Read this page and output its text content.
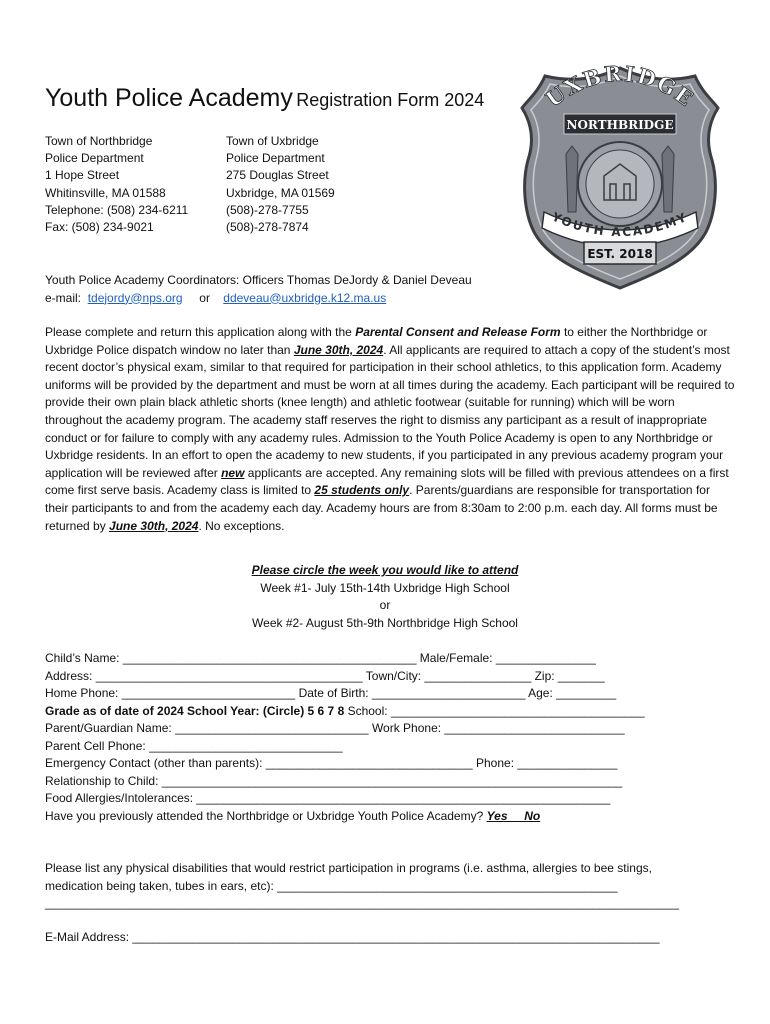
Youth Police Academy Registration Form 2024
Town of Northbridge
Police Department
1 Hope Street
Whitinsville, MA 01588
Telephone: (508) 234-6211
Fax: (508) 234-9021
Town of Uxbridge
Police Department
275 Douglas Street
Uxbridge, MA 01569
(508)-278-7755
(508)-278-7874
UXBRIDGE
NORTHBRIDGE
YOUTH ACADEMY
EST. 2018
Youth Police Academy Coordinators: Officers Thomas DeJordy & Daniel Deveau
e-mail: tdejordy@nps.org or ddeveau@uxbridge.k12.ma.us
Please complete and return this application along with the Parental Consent and Release Form to either the Northbridge or Uxbridge Police dispatch window no later than June 30th, 2024. All applicants are required to attach a copy of the student’s most recent doctor’s physical exam, similar to that required for participation in their school athletics, to this application form. Academy uniforms will be provided by the department and must be worn at all times during the academy. Each participant will be required to provide their own plain black athletic shorts (knee length) and athletic footwear (suitable for running) which will be worn throughout the academy program. The academy staff reserves the right to dismiss any participant as a result of inappropriate conduct or for failure to comply with any academy rules. Admission to the Youth Police Academy is open to any Northbridge or Uxbridge residents. In an effort to open the academy to new students, if you participated in any previous academy program your application will be reviewed after new applicants are accepted. Any remaining slots will be filled with previous attendees on a first come first serve basis. Academy class is limited to 25 students only. Parents/guardians are responsible for transportation for their participants to and from the academy each day. Academy hours are from 8:30am to 2:00 p.m. each day. All forms must be returned by June 30th, 2024. No exceptions.
Please circle the week you would like to attend
Week #1- July 15th-14th Uxbridge High School
or
Week #2- August 5th-9th Northbridge High School
Child’s Name: ____________________________________________ Male/Female: _______________
Address: ________________________________________ Town/City: ________________ Zip: _______
Home Phone: __________________________ Date of Birth: _______________________ Age: _________
Grade as of date of 2024 School Year: (Circle) 5 6 7 8 School: ______________________________________
Parent/Guardian Name: _____________________________ Work Phone: ___________________________
Parent Cell Phone: _____________________________
Emergency Contact (other than parents): _______________________________ Phone: _______________
Relationship to Child: _____________________________________________________________________
Food Allergies/Intolerances: ______________________________________________________________
Have you previously attended the Northbridge or Uxbridge Youth Police Academy? Yes No
Please list any physical disabilities that would restrict participation in programs (i.e. asthma, allergies to bee stings,
medication being taken, tubes in ears, etc): ___________________________________________________
_______________________________________________________________________________________________
E-Mail Address: _______________________________________________________________________________
